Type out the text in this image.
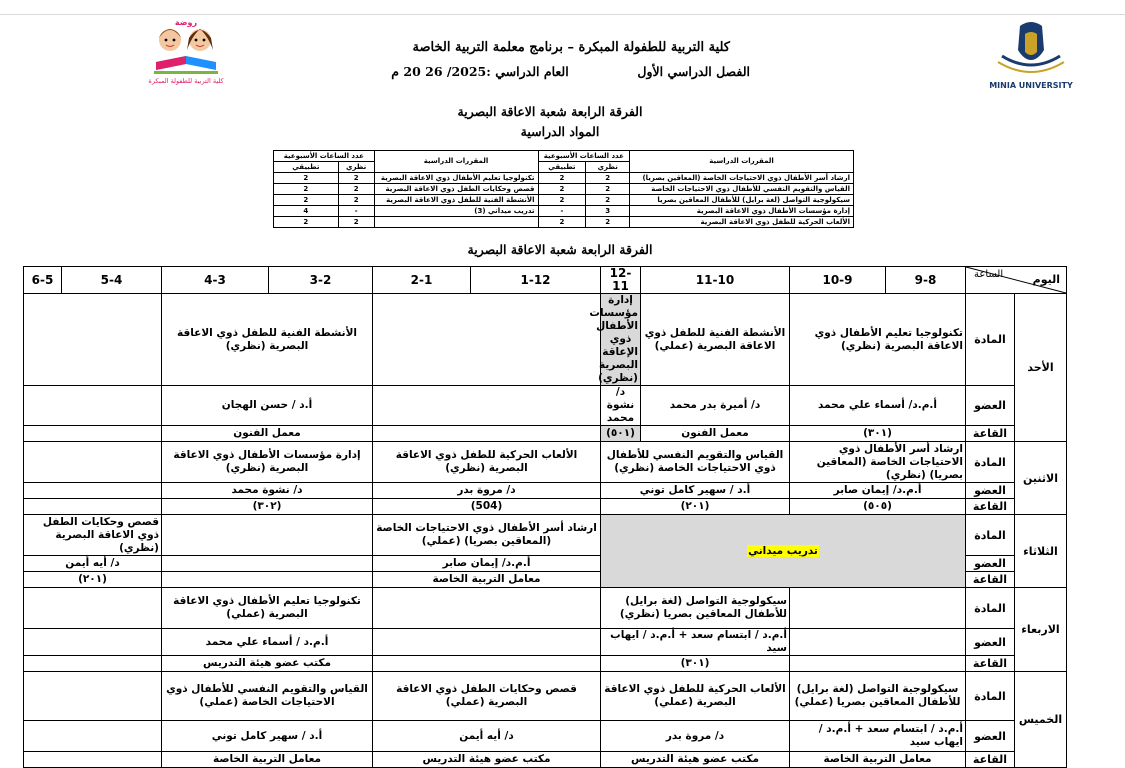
روضة
كلية التربية للطفولة المبكرة	MINIA UNIVERSITY
كلية التربية للطفولة المبكرة – برنامج معلمة التربية الخاصة
الفصل الدراسي الأول  العام الدراسي :2025/ 26 20 م
الفرقة الرابعة شعبة الاعاقة البصرية
المواد الدراسية
المقررات الدراسية	عدد الساعات الأسبوعية		المقررات الدراسية	عدد الساعات الأسبوعية	
	نظري	تطبيقي		نظري	تطبيقي
ارشاد أسر الأطفال ذوي الاحتياجات الخاصة (المعاقين بصريا)	2	2	تكنولوجيا تعليم الأطفال ذوي الاعاقة البصرية	2	2
القياس والتقويم النفسي للأطفال ذوي الاحتياجات الخاصة	2	2	قصص وحكايات الطفل ذوي الاعاقة البصرية	2	2
سيكولوجية التواصل (لغة برايل) للأطفال المعاقين بصريا	2	2	الأنشطة الفنية للطفل ذوي الاعاقة البصرية	2	2
إدارة مؤسسات الأطفال ذوي الاعاقة البصرية	3	-	تدريب ميداني (3)	-	4
الألعاب الحركية للطفل ذوي الاعاقة البصرية	2	2		2	2
الفرقة الرابعة شعبة الاعاقة البصرية
اليوم
الساعة		9-8	10-9	11-10	12-11	1-12	2-1	3-2	4-3	5-4	6-5
الأحد	المادة	تكنولوجيا تعليم الأطفال ذوي الاعاقة البصرية (نظري)		الأنشطة الفنية للطفل ذوي الاعاقة البصرية (عملي)	إدارة مؤسسات الأطفال ذوي الإعاقة البصرية (نظري)			الأنشطة الفنية للطفل ذوي الاعاقة البصرية (نظري)			
	العضو	أ.م.د/ أسماء علي محمد		د/ أميرة بدر محمد	د/ نشوة محمد			أ.د / حسن الهجان			
	القاعة	(٣٠١)		معمل الفنون	(٥٠١)			معمل الفنون			
الاثنين	المادة	ارشاد أسر الأطفال ذوي الاحتياجات الخاصة (المعاقين بصريا) (نظري)		القياس والتقويم النفسي للأطفال ذوي الاحتياجات الخاصة (نظري)		الألعاب الحركية للطفل ذوي الاعاقة البصرية (نظري)		إدارة مؤسسات الأطفال ذوي الاعاقة البصرية (نظري)			
	العضو	أ.م.د/ إيمان صابر		أ.د / سهير كامل توني		د/ مروة بدر		د/ نشوة محمد			
	القاعة	(٥٠٥)		(٢٠١)		(504)		(٣٠٢)			
الثلاثاء	المادة	تدريب ميداني				ارشاد أسر الأطفال ذوي الاحتياجات الخاصة (المعاقين بصريا) (عملي)				قصص وحكايات الطفل ذوي الاعاقة البصرية (نظري)	
	العضو					أ.م.د/ إيمان صابر				د/ أيه أيمن	
	القاعة					معامل التربية الخاصة				(٢٠١)	
الاربعاء	المادة			سيكولوجية التواصل (لغة برايل) للأطفال المعاقين بصريا (نظري)				تكنولوجيا تعليم الأطفال ذوي الاعاقة البصرية (عملي)			
	العضو			أ.م.د / ابتسام سعد + أ.م.د / ايهاب سيد				أ.م.د / أسماء علي محمد			
	القاعة			(٣٠١)				مكتب عضو هيئة التدريس			
الخميس	المادة	سيكولوجية التواصل (لغة برايل) للأطفال المعاقين بصريا (عملي)		الألعاب الحركية للطفل ذوي الاعاقة البصرية (عملي)		قصص وحكايات الطفل ذوي الاعاقة البصرية (عملي)		القياس والتقويم النفسي للأطفال ذوي الاحتياجات الخاصة (عملي)			
	العضو	أ.م.د / ابتسام سعد + أ.م.د / ايهاب سيد		د/ مروة بدر		د/ أيه أيمن		أ.د / سهير كامل توني			
	القاعة	معامل التربية الخاصة		مكتب عضو هيئة التدريس		مكتب عضو هيئة التدريس		معامل التربية الخاصة			
